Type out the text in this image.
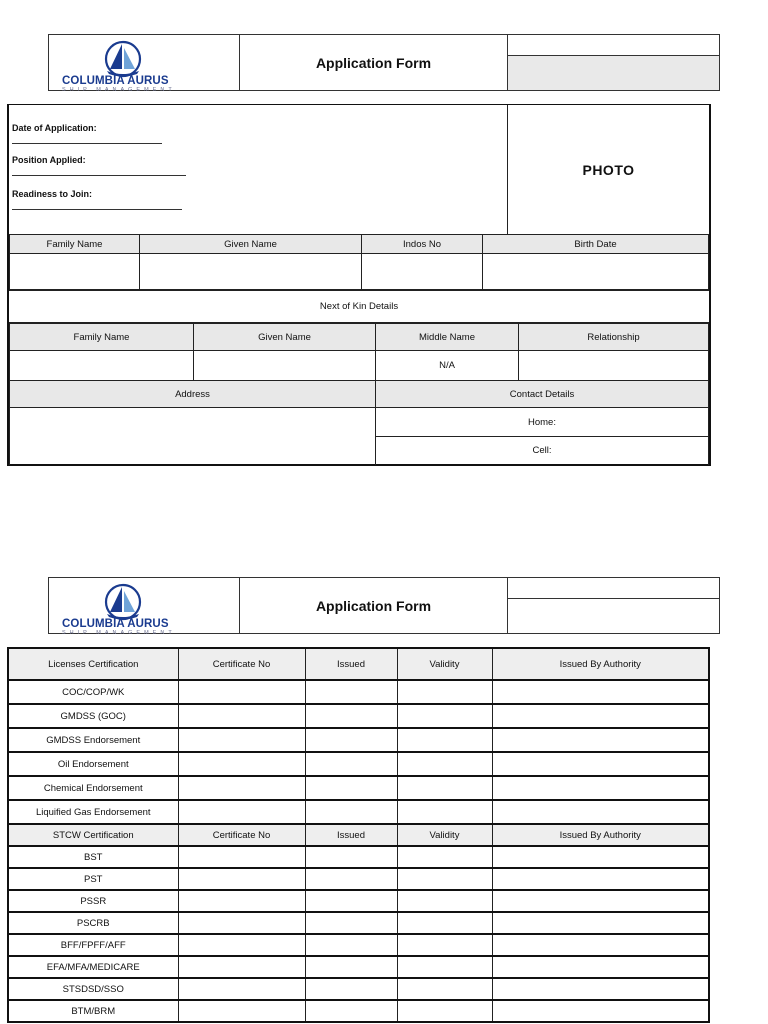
COLUMBIA AURUS
SHIP MANAGEMENT
	Application Form	

Date of Application:
Position Applied:
Readiness to Join:
PHOTO
Family Name	Given Name	Indos No	Birth Date

Next of Kin Details
Family Name	Given Name	Middle Name	Relationship
		N/A	
Address	Contact Details
	Home:
	Cell:
COLUMBIA AURUS
SHIP MANAGEMENT
	Application Form	

Licenses Certification	Certificate No	Issued	Validity	Issued By Authority
COC/COP/WK				
GMDSS (GOC)				
GMDSS Endorsement				
Oil Endorsement				
Chemical Endorsement				
Liquified Gas Endorsement				
STCW Certification	Certificate No	Issued	Validity	Issued By Authority
BST				
PST				
PSSR				
PSCRB				
BFF/FPFF/AFF				
EFA/MFA/MEDICARE				
STSDSD/SSO				
BTM/BRM				
